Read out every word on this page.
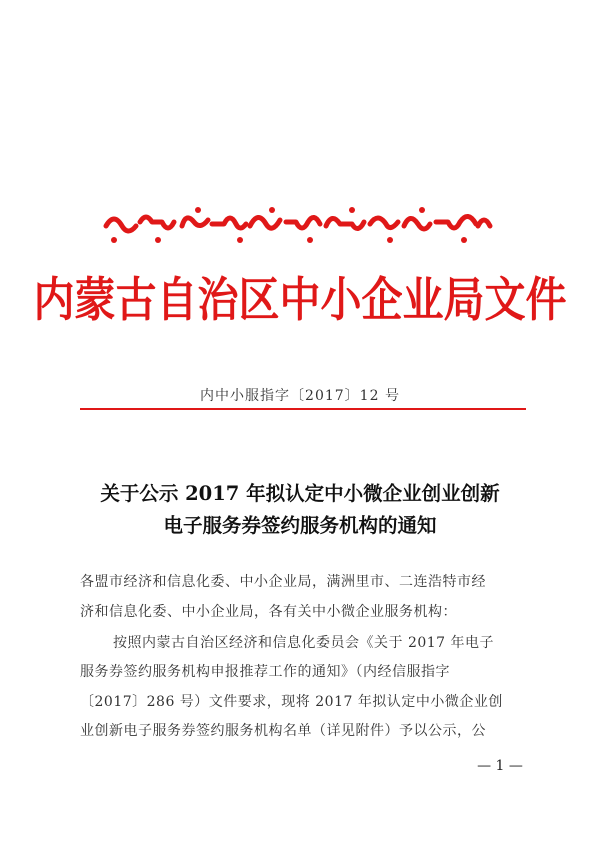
内蒙古自治区中小企业局文件
内中小服指字〔2017〕12 号
关于公示 2017 年拟认定中小微企业创业创新
电子服务券签约服务机构的通知
各盟市经济和信息化委、中小企业局，满洲里市、二连浩特市经
济和信息化委、中小企业局，各有关中小微企业服务机构：
按照内蒙古自治区经济和信息化委员会《关于 2017 年电子
服务券签约服务机构申报推荐工作的通知》（内经信服指字
〔2017〕286 号）文件要求，现将 2017 年拟认定中小微企业创
业创新电子服务券签约服务机构名单（详见附件）予以公示，公
— 1 —
